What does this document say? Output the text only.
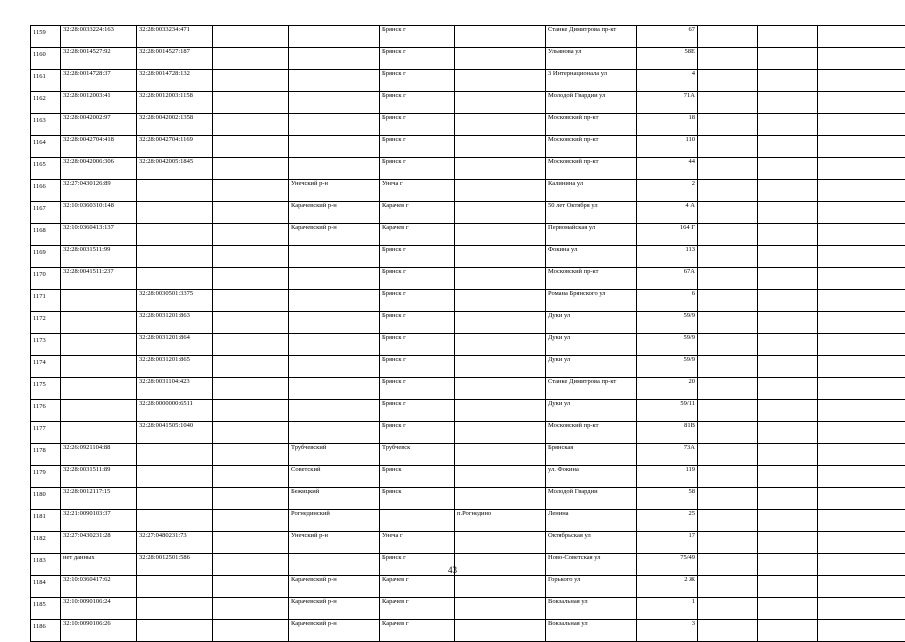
1159	32:28:0033224:163	32:28:0033234:471			Брянск г		Станке Димитрова пр-кт	67			
1160	32:28:0014527:92	32:28:0014527:187			Брянск г		Ульянова ул	58Е			
1161	32:28:0014728:37	32:28:0014728:132			Брянск г		3 Интернационала ул	4			
1162	32:28:0012003:41	32:28:0012003:1158			Брянск г		Молодой Гвардии ул	71А			
1163	32:28:0042002:97	32:28:0042002:1358			Брянск г		Московский пр-кт	18			
1164	32:28:0042704:418	32:28:0042704:1169			Брянск г		Московский пр-кт	110			
1165	32:28:0042006:306	32:28:0042005:1845			Брянск г		Московский пр-кт	44			
1166	32:27:0430126:89			Унечский р-н	Унеча г		Калинина ул	2			
1167	32:10:0360310:148			Карачевский р-н	Карачев г		50 лет Октября ул	4 А			
1168	32:10:0360413:137			Карачевский р-н	Карачев г		Первомайская ул	164 Г			
1169	32:28:0031511:99				Брянск г		Фокина ул	113			
1170	32:28:0041511:237				Брянск г		Московский пр-кт	67А			
1171		32:28:0030501:3375			Брянск г		Романа Брянского ул	6			
1172		32:28:0031201:863			Брянск г		Дуки ул	59/9			
1173		32:28:0031201:864			Брянск г		Дуки ул	59/9			
1174		32:28:0031201:865			Брянск г		Дуки ул	59/9			
1175		32:28:0031104:423			Брянск г		Станке Димитрова пр-кт	20			
1176		32:28:0000000:6511			Брянск г		Дуки ул	59/11			
1177		32:28:0041505:1040			Брянск г		Московский пр-кт	81В			
1178	32:26:0921104:88			Трубчевский	Трубчевск		Брянская	73А			
1179	32:28:0031511:89			Советский	Брянск		ул. Фокина	119			
1180	32:28:0012117:15			Бежицкий	Брянск		Молодой Гвардии	58			
1181	32:21:0090103:37			Рогнединский		п.Рогнедино	Ленина	25			
1182	32:27:0430231:28	32:27:0480231:73		Унечский р-н	Унеча г		Октябрьская ул	17			
1183	нет данных	32:28:0012501:586			Брянск г		Ново-Советская ул	75/49			
1184	32:10:0360417:62			Карачевский р-н	Карачев г		Горького ул	2 Ж			
1185	32:10:0090106:24			Карачевский р-н	Карачев г		Вокзальная ул	1			
1186	32:10:0090106:26			Карачевский р-н	Карачев г		Вокзальная ул	3			
43
